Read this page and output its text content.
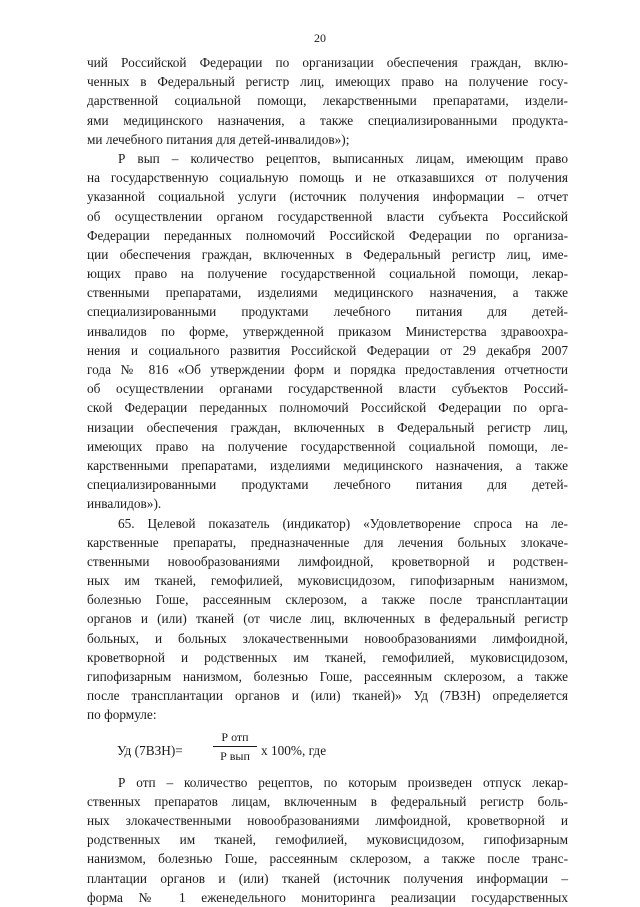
20
чий Российской Федерации по организации обеспечения граждан, вклю-
ченных в Федеральный регистр лиц, имеющих право на получение госу-
дарственной социальной помощи, лекарственными препаратами, издели-
ями медицинского назначения, а также специализированными продукта-
ми лечебного питания для детей-инвалидов»);
Р вып – количество рецептов, выписанных лицам, имеющим право
на государственную социальную помощь и не отказавшихся от получения
указанной социальной услуги (источник получения информации – отчет
об осуществлении органом государственной власти субъекта Российской
Федерации переданных полномочий Российской Федерации по организа-
ции обеспечения граждан, включенных в Федеральный регистр лиц, име-
ющих право на получение государственной социальной помощи, лекар-
ственными препаратами, изделиями медицинского назначения, а также
специализированными продуктами лечебного питания для детей-
инвалидов по форме, утвержденной приказом Министерства здравоохра-
нения и социального развития Российской Федерации от 29 декабря 2007
года № 816 «Об утверждении форм и порядка предоставления отчетности
об осуществлении органами государственной власти субъектов Россий-
ской Федерации переданных полномочий Российской Федерации по орга-
низации обеспечения граждан, включенных в Федеральный регистр лиц,
имеющих право на получение государственной социальной помощи, ле-
карственными препаратами, изделиями медицинского назначения, а также
специализированными продуктами лечебного питания для детей-
инвалидов»).
65. Целевой показатель (индикатор) «Удовлетворение спроса на ле-
карственные препараты, предназначенные для лечения больных злокаче-
ственными новообразованиями лимфоидной, кроветворной и родствен-
ных им тканей, гемофилией, муковисцидозом, гипофизарным нанизмом,
болезнью Гоше, рассеянным склерозом, а также после трансплантации
органов и (или) тканей (от числе лиц, включенных в федеральный регистр
больных, и больных злокачественными новообразованиями лимфоидной,
кроветворной и родственных им тканей, гемофилией, муковисцидозом,
гипофизарным нанизмом, болезнью Гоше, рассеянным склерозом, а также
после трансплантации органов и (или) тканей)» Уд (7ВЗН) определяется
по формуле:
Уд (7ВЗН)=
Р отп
Р вып х 100%, где
Р отп – количество рецептов, по которым произведен отпуск лекар-
ственных препаратов лицам, включенным в федеральный регистр боль-
ных злокачественными новообразованиями лимфоидной, кроветворной и
родственных им тканей, гемофилией, муковисцидозом, гипофизарным
нанизмом, болезнью Гоше, рассеянным склерозом, а также после транс-
плантации органов и (или) тканей (источник получения информации –
форма № 1 еженедельного мониторинга реализации государственных
